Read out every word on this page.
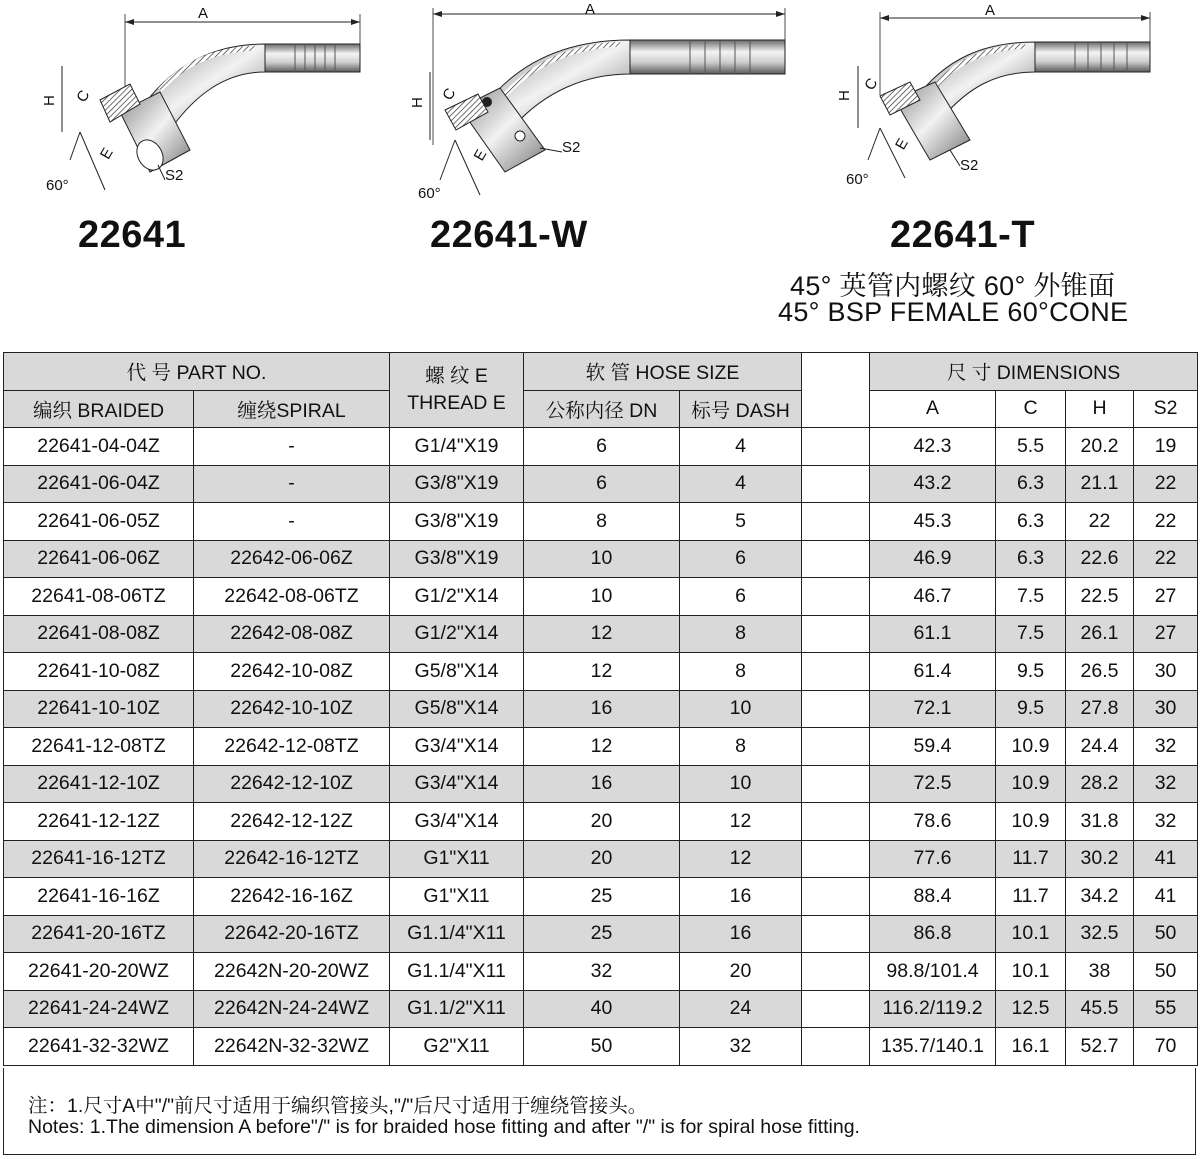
A
H C
E
60°
S2
A
H C
E
60°
S2
A
H
C
E
60°
S2
22641	22641-W	22641-T
45° 英管内螺纹 60° 外锥面
45° BSP FEMALE 60°CONE
代 号 PART NO.		螺 纹 E
THREAD E	软 管 HOSE SIZE			尺 寸 DIMENSIONS			
编织 BRAIDED	缠绕SPIRAL		公称内径 DN	标号 DASH		A	C	H	S2
22641-04-04Z	-	G1/4"X19	6	4		42.3	5.5	20.2	19
22641-06-04Z	-	G3/8"X19	6	4		43.2	6.3	21.1	22
22641-06-05Z	-	G3/8"X19	8	5		45.3	6.3	22	22
22641-06-06Z	22642-06-06Z	G3/8"X19	10	6		46.9	6.3	22.6	22
22641-08-06TZ	22642-08-06TZ	G1/2"X14	10	6		46.7	7.5	22.5	27
22641-08-08Z	22642-08-08Z	G1/2"X14	12	8		61.1	7.5	26.1	27
22641-10-08Z	22642-10-08Z	G5/8"X14	12	8		61.4	9.5	26.5	30
22641-10-10Z	22642-10-10Z	G5/8"X14	16	10		72.1	9.5	27.8	30
22641-12-08TZ	22642-12-08TZ	G3/4"X14	12	8		59.4	10.9	24.4	32
22641-12-10Z	22642-12-10Z	G3/4"X14	16	10		72.5	10.9	28.2	32
22641-12-12Z	22642-12-12Z	G3/4"X14	20	12		78.6	10.9	31.8	32
22641-16-12TZ	22642-16-12TZ	G1"X11	20	12		77.6	11.7	30.2	41
22641-16-16Z	22642-16-16Z	G1"X11	25	16		88.4	11.7	34.2	41
22641-20-16TZ	22642-20-16TZ	G1.1/4"X11	25	16		86.8	10.1	32.5	50
22641-20-20WZ	22642N-20-20WZ	G1.1/4"X11	32	20		98.8/101.4	10.1	38	50
22641-24-24WZ	22642N-24-24WZ	G1.1/2"X11	40	24		116.2/119.2	12.5	45.5	55
22641-32-32WZ	22642N-32-32WZ	G2"X11	50	32		135.7/140.1	16.1	52.7	70
注：1.尺寸A中"/"前尺寸适用于编织管接头,"/"后尺寸适用于缠绕管接头。
Notes: 1.The dimension A before"/" is for braided hose fitting and after "/" is for spiral hose fitting.
